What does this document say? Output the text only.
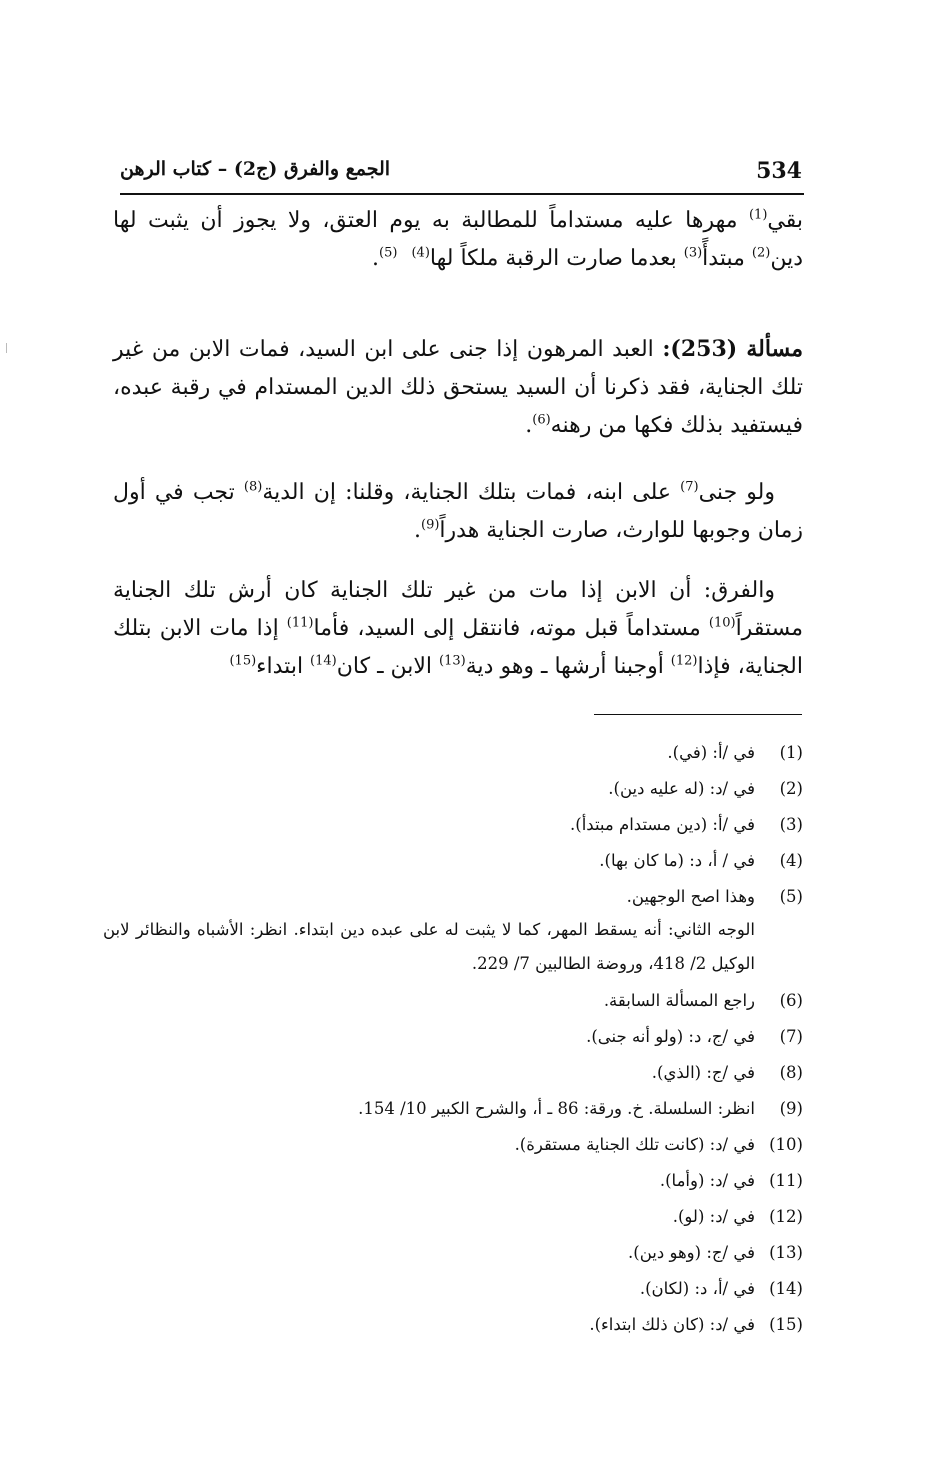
534
الجمع والفرق (ج2) – كتاب الرهن

بقي$^{(1)}$ مهرها عليه مستداماً للمطالبة به يوم العتق، ولا يجوز أن يثبت لها دين$^{(2)}$ مبتدأً$^{(3)}$ بعدما صارت الرقبة ملكاً لها$^{(4)}$  $^{(5)}$.

مسألة (253): العبد المرهون إذا جنى على ابن السيد، فمات الابن من غير تلك الجناية، فقد ذكرنا أن السيد يستحق ذلك الدين المستدام في رقبة عبده، فيستفيد بذلك فكها من رهنه$^{(6)}$.

ولو جنى$^{(7)}$ على ابنه، فمات بتلك الجناية، وقلنا: إن الدية$^{(8)}$ تجب في أول زمان وجوبها للوارث، صارت الجناية هدراً$^{(9)}$.

والفرق: أن الابن إذا مات من غير تلك الجناية كان أرش تلك الجناية مستقراً$^{(10)}$ مستداماً قبل موته، فانتقل إلى السيد، فأما$^{(11)}$ إذا مات الابن بتلك الجناية، فإذا$^{(12)}$ أوجبنا أرشها ـ وهو دية$^{(13)}$ الابن ـ كان$^{(14)}$ ابتداء$^{(15)}$

(1)
في /أ: (في).
(2)
في /د: (له عليه دين).
(3)
في /أ: (دين مستدام مبتدأ).
(4)
في / أ، د: (ما كان بها).
(5)
وهذا اصح الوجهين.
الوجه الثاني: أنه يسقط المهر، كما لا يثبت له على عبده دين ابتداء. انظر: الأشباه والنظائر لابن الوكيل 2/ 418، وروضة الطالبين 7/ 229.
(6)
راجع المسألة السابقة.
(7)
في /ج، د: (ولو أنه جنى).
(8)
في /ج: (الذي).
(9)
انظر: السلسلة. خ. ورقة: 86 ـ أ، والشرح الكبير 10/ 154.
(10)
في /د: (كانت تلك الجناية مستقرة).
(11)
في /د: (وأما).
(12)
في /د: (لو).
(13)
في /ج: (وهو دين).
(14)
في /أ، د: (لكان).
(15)
في /د: (كان ذلك ابتداء).
